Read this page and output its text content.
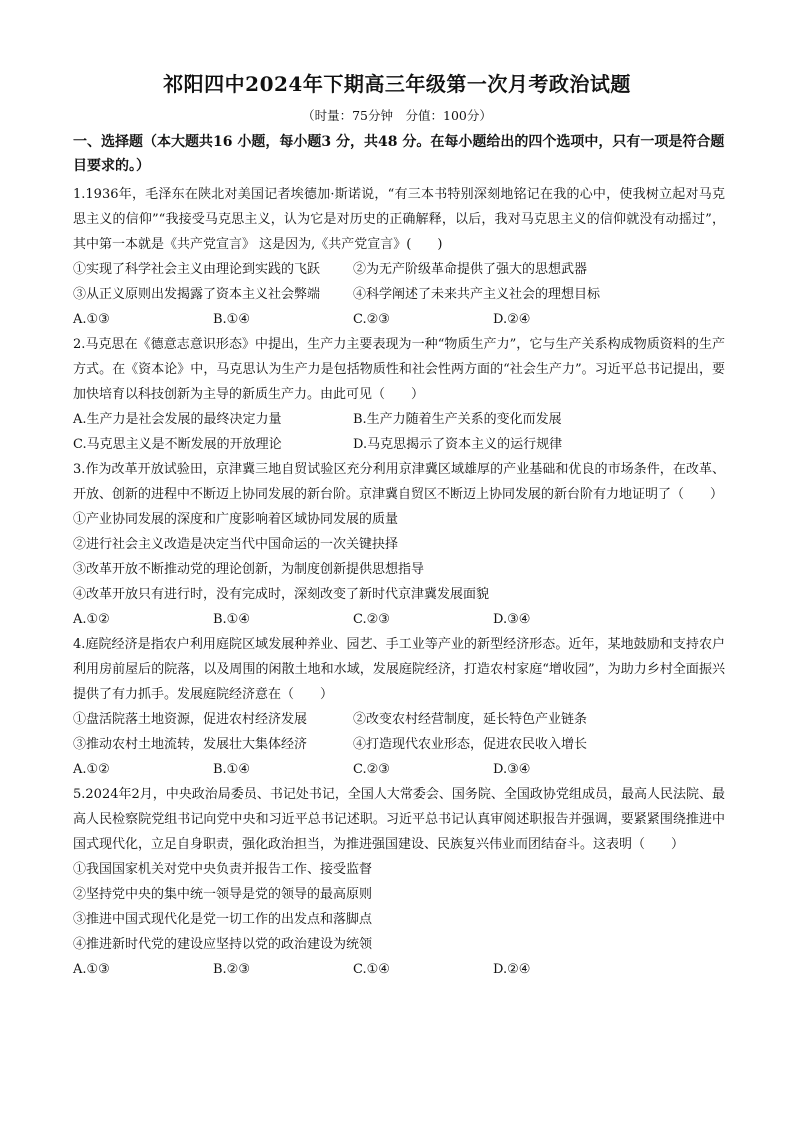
祁阳四中2024年下期高三年级第一次月考政治试题
（时量：75分钟　分值：100分）
一、选择题（本大题共16 小题，每小题3 分，共48 分。在每小题给出的四个选项中，只有一项是符合题目要求的。）

1.1936年，毛泽东在陕北对美国记者埃德加·斯诺说，“有三本书特别深刻地铭记在我的心中，使我树立起对马克思主义的信仰”“我接受马克思主义，认为它是对历史的正确解释，以后，我对马克思主义的信仰就没有动摇过”，其中第一本就是《共产党宣言》 这是因为,《共产党宣言》(　　)

①实现了科学社会主义由理论到实践的飞跃	②为无产阶级革命提供了强大的思想武器
③从正义原则出发揭露了资本主义社会弊端	④科学阐述了未来共产主义社会的理想目标
A.①③	B.①④	C.②③	D.②④

2.马克思在《德意志意识形态》中提出，生产力主要表现为一种“物质生产力”，它与生产关系构成物质资料的生产方式。在《资本论》中，马克思认为生产力是包括物质性和社会性两方面的“社会生产力”。习近平总书记提出，要加快培育以科技创新为主导的新质生产力。由此可见（　　）

A.生产力是社会发展的最终决定力量	B.生产力随着生产关系的变化而发展
C.马克思主义是不断发展的开放理论	D.马克思揭示了资本主义的运行规律

3.作为改革开放试验田，京津冀三地自贸试验区充分利用京津冀区域雄厚的产业基础和优良的市场条件，在改革、开放、创新的进程中不断迈上协同发展的新台阶。京津冀自贸区不断迈上协同发展的新台阶有力地证明了（　　）

①产业协同发展的深度和广度影响着区域协同发展的质量

②进行社会主义改造是决定当代中国命运的一次关键抉择

③改革开放不断推动党的理论创新，为制度创新提供思想指导

④改革开放只有进行时，没有完成时，深刻改变了新时代京津冀发展面貌

A.①②	B.①④	C.②③	D.③④

4.庭院经济是指农户利用庭院区域发展种养业、园艺、手工业等产业的新型经济形态。近年，某地鼓励和支持农户利用房前屋后的院落，以及周围的闲散土地和水域，发展庭院经济，打造农村家庭“增收园”，为助力乡村全面振兴提供了有力抓手。发展庭院经济意在（　　）

①盘活院落土地资源，促进农村经济发展	②改变农村经营制度，延长特色产业链条
③推动农村土地流转，发展壮大集体经济	④打造现代农业形态，促进农民收入增长
A.①②	B.①④	C.②③	D.③④

5.2024年2月，中央政治局委员、书记处书记，全国人大常委会、国务院、全国政协党组成员，最高人民法院、最高人民检察院党组书记向党中央和习近平总书记述职。习近平总书记认真审阅述职报告并强调，要紧紧围绕推进中国式现代化，立足自身职责，强化政治担当，为推进强国建设、民族复兴伟业而团结奋斗。这表明（　　）

①我国国家机关对党中央负责并报告工作、接受监督

②坚持党中央的集中统一领导是党的领导的最高原则

③推进中国式现代化是党一切工作的出发点和落脚点

④推进新时代党的建设应坚持以党的政治建设为统领

A.①③	B.②③	C.①④	D.②④
